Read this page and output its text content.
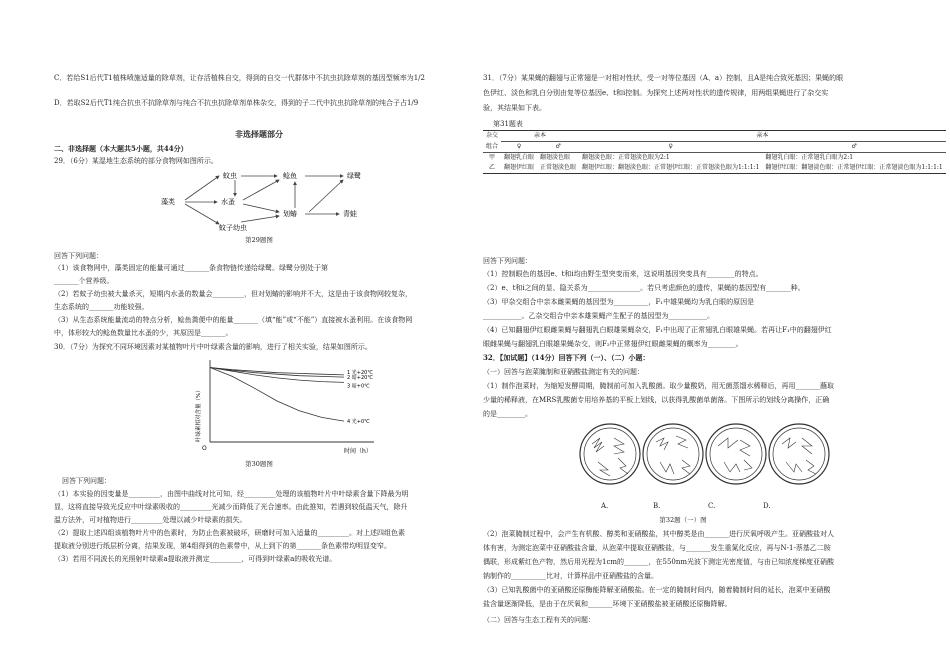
C．若给S1后代T1植株喷施适量的除草剂，让存活植株自交，得到的自交一代群体中不抗虫抗除草剂的基因型频率为1/2

D．若取S2后代T1纯合抗虫不抗除草剂与纯合不抗虫抗除草剂单株杂交，得到的子二代中抗虫抗除草剂的纯合子占1/9

非选择题部分

二、非选择题（本大题共5小题，共44分）

29．（6分）某湿地生态系统的部分食物网如图所示。

藻类
蚊虫
水蚤
鲶鱼	绿鹭
划蝽	青蛙
蚊子幼虫

第29题图

回答下列问题：

（1）该食物网中，藻类固定的能量可通过_______条食物链传递给绿鹭。绿鹭分别处于第

_______个营养级。

（2）若蚊子幼虫被大量杀灭，短期内水蚤的数量会_________，但对划蝽的影响并不大，这是由于该食物网较复杂，

生态系统的_______功能较强。

（3）从生态系统能量流动的特点分析，鲶鱼粪便中的能量_______（填“能”或“不能”）直接被水蚤利用。在该食物网

中，体形较大的鲶鱼数量比水蚤的少，其原因是_______。

30．（7分）为探究不同环境因素对某植物叶片中叶绿素含量的影响，进行了相关实验，结果如图所示。

O	时间（h）
叶绿素相对含量（%）
1 光+20℃
2 暗+20℃
3 暗+0℃
4 光+0℃

第30题图

回答下列问题：

（1）本实验的因变量是_________，由图中曲线对比可知，经_________处理的该植物叶片中叶绿素含量下降最为明

显，这将直接导致光反应中叶绿素吸收的_________光减少而降低了光合速率。由此推知，若遇到较低温天气，除升

温方法外，可对植物进行_________处理以减少叶绿素的损失。

（2）提取上述四组该植物叶片中的色素时，为防止色素被破坏，研磨时可加入适量的_________。对上述四组色素

提取液分别进行纸层析分离，结果发现，第4组得到的色素带中，从上到下的第_______条色素带均明显变窄。

（3）若用不同波长的光照射叶绿素a提取液并测定_________，可得到叶绿素a的吸收光谱。

31．（7分）某果蝇的翻翅与正常翅是一对相对性状，受一对等位基因（A、a）控制，且A是纯合致死基因；果蝇的眼

色伊红、淡色和乳白分别由复等位基因e、t和i控制。为探究上述两对性状的遗传规律，用两组果蝇进行了杂交实

验，其结果如下表。

第31题表

杂交	亲本		亲本	
组合	♀	♂	♀	♂
甲	翻翅乳白眼	翻翅淡色眼	翻翅淡色眼：正常翅淡色眼为2:1	翻翅乳白眼：正常翅乳白眼为2:1
乙	翻翅伊红眼	正常翅淡色眼	翻翅伊红眼：翻翅淡色眼：正常翅伊红眼：正常翅淡色眼为1:1:1:1	翻翅伊红眼：翻翅淡色眼：正常翅伊红眼：正常翅淡色眼为1:1:1:1

回答下列问题：

（1）控制眼色的基因e、t和i均由野生型突变而来，这说明基因突变具有________的特点。

（2）e、t和i之间的显、隐关系为_______________。若只考虑颜色的遗传，果蝇的基因型有_______种。

（3）甲杂交组合中亲本雌果蝇的基因型为__________，F₁中雄果蝇均为乳白眼的原因是

___________。乙杂交组合中亲本雄果蝇产生配子的基因型为___________。

（4）已知翻翅伊红眼雌果蝇与翻翅乳白眼雄果蝇杂交，F₁中出现了正常翅乳白眼雄果蝇。若再让F₁中的翻翅伊红

眼雌果蝇与翻翅乳白眼雄果蝇杂交，则F₂中正常翅伊红眼雌果蝇的概率为________。

32．【加试题】（14分）回答下列（一）、（二）小题：

（一）回答与泡菜腌制和亚硝酸盐测定有关的问题：

（1）制作泡菜时，为缩短发酵周期，腌制前可加入乳酸菌。取少量酸奶，用无菌蒸馏水稀释后，再用_______蘸取

少量的稀释液，在MRS乳酸菌专用培养基的平板上划线，以获得乳酸菌单菌落。下图所示的划线分离操作，正确

的是________。

A.	B.	C.	D.

第32题（一）图

（2）泡菜腌制过程中，会产生有机酸、醇类和亚硝酸盐，其中醇类是由_______进行厌氧呼吸产生。亚硝酸盐对人

体有害，为测定泡菜中亚硝酸盐含量，从泡菜中提取亚硝酸盐，与_______发生重氮化反应，再与N-1-萘基乙二胺

偶联，形成紫红色产物，然后用光程为1cm的_______，在550nm光波下测定光密度值，与由已知浓度梯度亚硝酸

钠制作的__________比对，计算样品中亚硝酸盐的含量。

（3）已知乳酸菌中的亚硝酸还原酶能降解亚硝酸盐。在一定的腌制时间内，随着腌制时间的延长，泡菜中亚硝酸

盐含量逐渐降低，是由于在厌氧和_______环境下亚硝酸盐被亚硝酸还原酶降解。

（二）回答与生态工程有关的问题：
